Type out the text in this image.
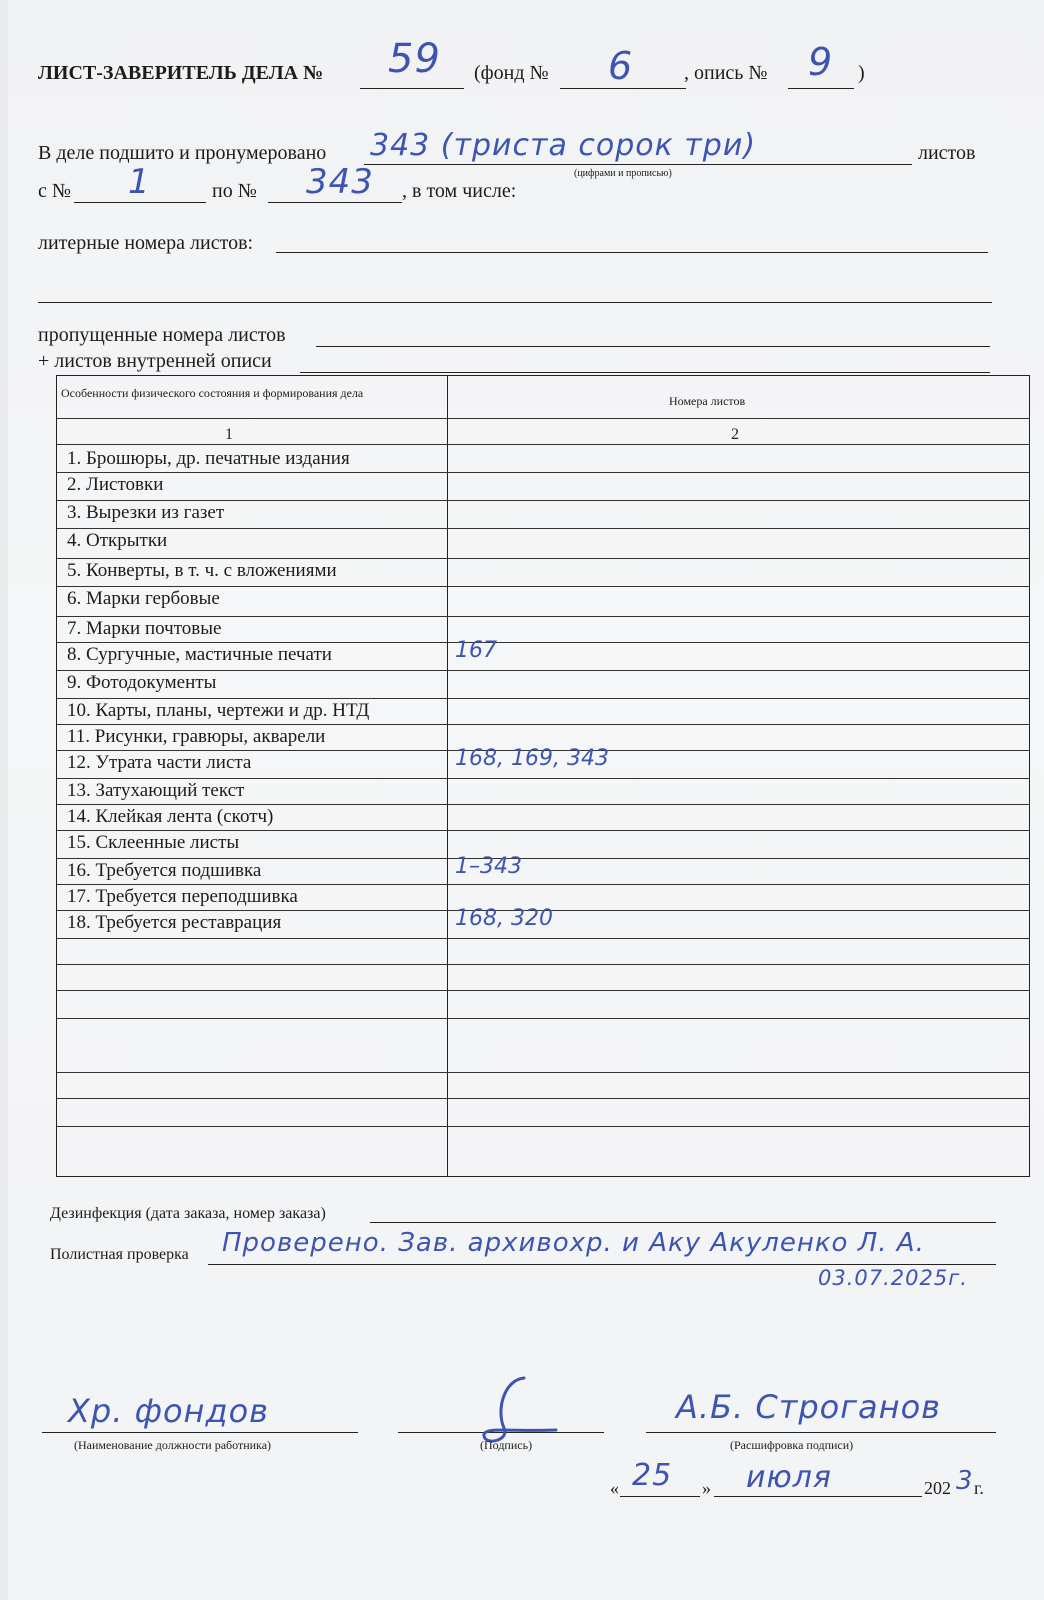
ЛИСТ-ЗАВЕРИТЕЛЬ ДЕЛА № 59 (фонд № 6	, опись № 9 )
В деле подшито и пронумеровано 343 (триста сорок три)
(цифрами и прописью)
листов
с № 1	по № 343 , в том числе:
литерные номера листов:
пропущенные номера листов
+ листов внутренней описи
Особенности физического состояния и формирования дела
Номера листов
1	2
1. Брошюры, др. печатные издания
2. Листовки
3. Вырезки из газет
4. Открытки
5. Конверты, в т. ч. с вложениями
6. Марки гербовые
7. Марки почтовые
8. Сургучные, мастичные печати	167
9. Фотодокументы
10. Карты, планы, чертежи и др. НТД
11. Рисунки, гравюры, акварели
12. Утрата части листа	168, 169, 343
13. Затухающий текст
14. Клейкая лента (скотч)
15. Склеенные листы
16. Требуется подшивка	1–343
17. Требуется переподшивка
18. Требуется реставрация	168, 320
Дезинфекция (дата заказа, номер заказа)
Полистная проверка Проверено. Зав. архивохр. и Аку Акуленко Л. А.
03.07.2025г.
Хр. фондов
(Наименование должности работника)	(Подпись)
А.Б. Строганов
(Расшифровка подписи)
« 25 » июля	202 3 г.
